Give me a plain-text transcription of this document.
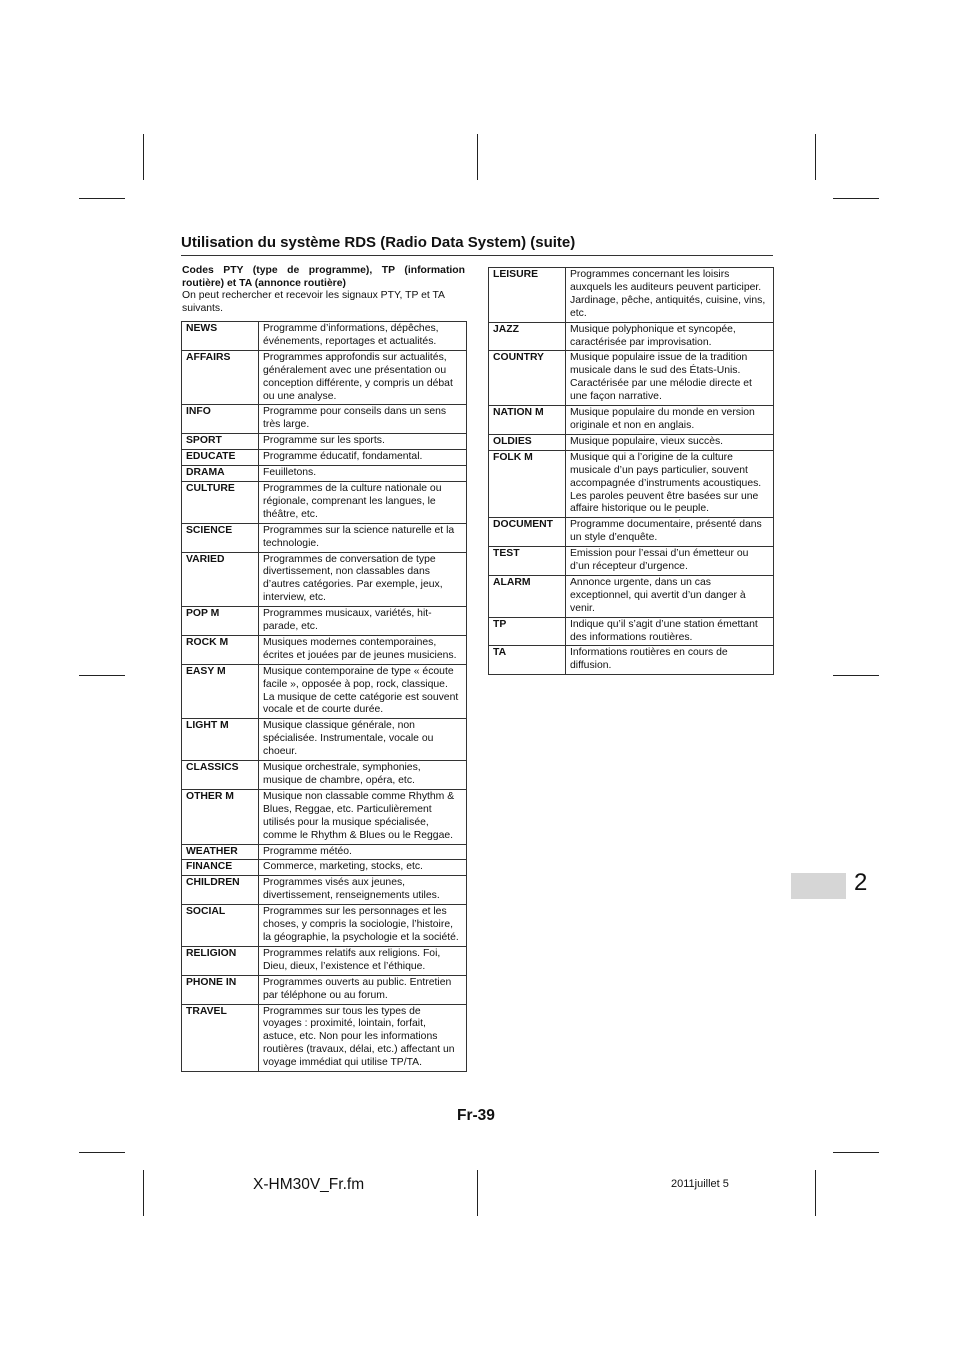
Utilisation du système RDS (Radio Data System) (suite)
Codes PTY (type de programme), TP (information routière) et TA (annonce routière)
On peut rechercher et recevoir les signaux PTY, TP et TA suivants.
NEWS	Programme d’informations, dépêches, événements, reportages et actualités.
AFFAIRS	Programmes approfondis sur actualités, généralement avec une présentation ou conception différente, y compris un débat ou une analyse.
INFO	Programme pour conseils dans un sens très large.
SPORT	Programme sur les sports.
EDUCATE	Programme éducatif, fondamental.
DRAMA	Feuilletons.
CULTURE	Programmes de la culture nationale ou régionale, comprenant les langues, le théâtre, etc.
SCIENCE	Programmes sur la science naturelle et la technologie.
VARIED	Programmes de conversation de type divertissement, non classables dans d’autres catégories. Par exemple, jeux, interview, etc.
POP M	Programmes musicaux, variétés, hit-parade, etc.
ROCK M	Musiques modernes contemporaines, écrites et jouées par de jeunes musiciens.
EASY M	Musique contemporaine de type « écoute facile », opposée à pop, rock, classique. La musique de cette catégorie est souvent vocale et de courte durée.
LIGHT M	Musique classique générale, non spécialisée. Instrumentale, vocale ou choeur.
CLASSICS	Musique orchestrale, symphonies, musique de chambre, opéra, etc.
OTHER M	Musique non classable comme Rhythm & Blues, Reggae, etc. Particulièrement utilisés pour la musique spécialisée, comme le Rhythm & Blues ou le Reggae.
WEATHER	Programme météo.
FINANCE	Commerce, marketing, stocks, etc.
CHILDREN	Programmes visés aux jeunes, divertissement, renseignements utiles.
SOCIAL	Programmes sur les personnages et les choses, y compris la sociologie, l’histoire, la géographie, la psychologie et la société.
RELIGION	Programmes relatifs aux religions. Foi, Dieu, dieux, l’existence et l’éthique.
PHONE IN	Programmes ouverts au public. Entretien par téléphone ou au forum.
TRAVEL	Programmes sur tous les types de voyages : proximité, lointain, forfait, astuce, etc. Non pour les informations routières (travaux, délai, etc.) affectant un voyage immédiat qui utilise TP/TA.
LEISURE	Programmes concernant les loisirs auxquels les auditeurs peuvent participer. Jardinage, pêche, antiquités, cuisine, vins, etc.
JAZZ	Musique polyphonique et syncopée, caractérisée par improvisation.
COUNTRY	Musique populaire issue de la tradition musicale dans le sud des États-Unis. Caractérisée par une mélodie directe et une façon narrative.
NATION M	Musique populaire du monde en version originale et non en anglais.
OLDIES	Musique populaire, vieux succès.
FOLK M	Musique qui a l’origine de la culture musicale d’un pays particulier, souvent accompagnée d’instruments acoustiques. Les paroles peuvent être basées sur une affaire historique ou le peuple.
DOCUMENT	Programme documentaire, présenté dans un style d’enquête.
TEST	Emission pour l’essai d’un émetteur ou d’un récepteur d’urgence.
ALARM	Annonce urgente, dans un cas exceptionnel, qui avertit d’un danger à venir.
TP	Indique qu’il s’agit d’une station émettant des informations routières.
TA	Informations routières en cours de diffusion.
Fr-39
2
X-HM30V_Fr.fm	2011juillet 5
